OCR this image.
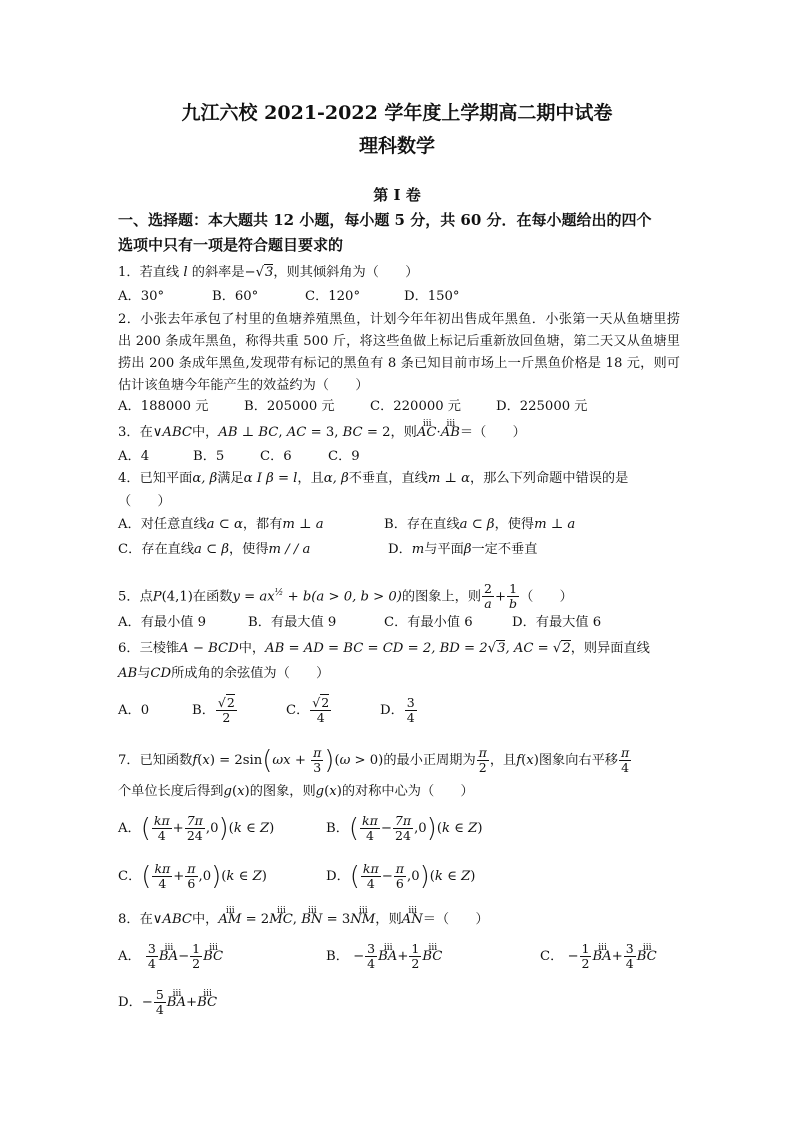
九江六校 2021-2022 学年度上学期高二期中试卷
理科数学
第 I 卷
一、选择题：本大题共 12 小题，每小题 5 分，共 60 分．在每小题给出的四个
选项中只有一项是符合题目要求的
1．若直线 l 的斜率是−√3，则其倾斜角为（　　）
A．30°	B．60°	C．120°	D．150°
2．小张去年承包了村里的鱼塘养殖黑鱼，计划今年年初出售成年黑鱼．小张第一天从鱼塘里捞出 200 条成年黑鱼，称得共重 500 斤，将这些鱼做上标记后重新放回鱼塘，第二天又从鱼塘里捞出 200 条成年黑鱼,发现带有标记的黑鱼有 8 条已知目前市场上一斤黑鱼价格是 18 元，则可估计该鱼塘今年能产生的效益约为（　　）
A．188000 元	B．205000 元	C．220000 元	D．225000 元
3．在∨ABC中，AB ⊥ BC, AC = 3, BC = 2，则ⅲ AC·ⅲ AB＝（　　）
A．4	B．5	C．6	C．9
4．已知平面α, β满足α I β = l，且α, β不垂直，直线m ⊥ α，那么下列命题中错误的是
（　　）
A．对任意直线a ⊂ α，都有m ⊥ a	B．存在直线a ⊂ β，使得m ⊥ a
C．存在直线a ⊂ β，使得m / / a	D．m与平面β一定不垂直
5．点P(4,1)在函数$y = ax^{\frac{1}{2}} + b(a > 0$, b > 0)的图象上，则 $\frac{2}{a} + \frac{1}{b}$ （　　）
A．有最小值 9	B．有最大值 9	C．有最小值 6	D．有最大值 6
6．三棱锥A − BCD中，AB = AD = BC = CD = 2, BD = 2√3, AC = √2，则异面直线
AB与CD所成角的余弦值为（　　）
A．0	B． $\frac{√2}{2}$	C． $\frac{√2}{4}$	D． $\frac{3}{4}$
7．已知函数$f(x) = 2\sin(\omega x + \frac{\pi}{3} )(\omega > 0)$的最小正周期为 $\frac{\pi}{2}$ ，且f(x)图象向右平移 $\frac{\pi}{4}$
个单位长度后得到g(x)的图象，则g(x)的对称中心为（　　）
A．( $\frac{k\pi}{4} + \frac{7\pi}{24} ,0)(k$ ∈ Z)	B．( $\frac{k\pi}{4} - \frac{7\pi}{24} ,0)(k$ ∈ Z)
C．( $\frac{k\pi}{4} + \frac{\pi}{6} ,0)(k$ ∈ Z)	D．( $\frac{k\pi}{4} - \frac{\pi}{6} ,0)(k$ ∈ Z)
8．在∨ABC中，ⅲ AM = 2ⅲ MC, ⅲ BN = 3ⅲ NM，则ⅲ AN＝（　　）
A． $\frac{3}{4}$ ⅲ $BA- \frac{1}{2}$ ⅲ BC	B． − $\frac{3}{4}$ ⅲ $BA+ \frac{1}{2}$ ⅲ BC	C． − $\frac{1}{2}$ ⅲ $BA+ \frac{3}{4}$ ⅲ BC
D．− $\frac{5}{4}$ ⅲ BA+ⅲ BC
